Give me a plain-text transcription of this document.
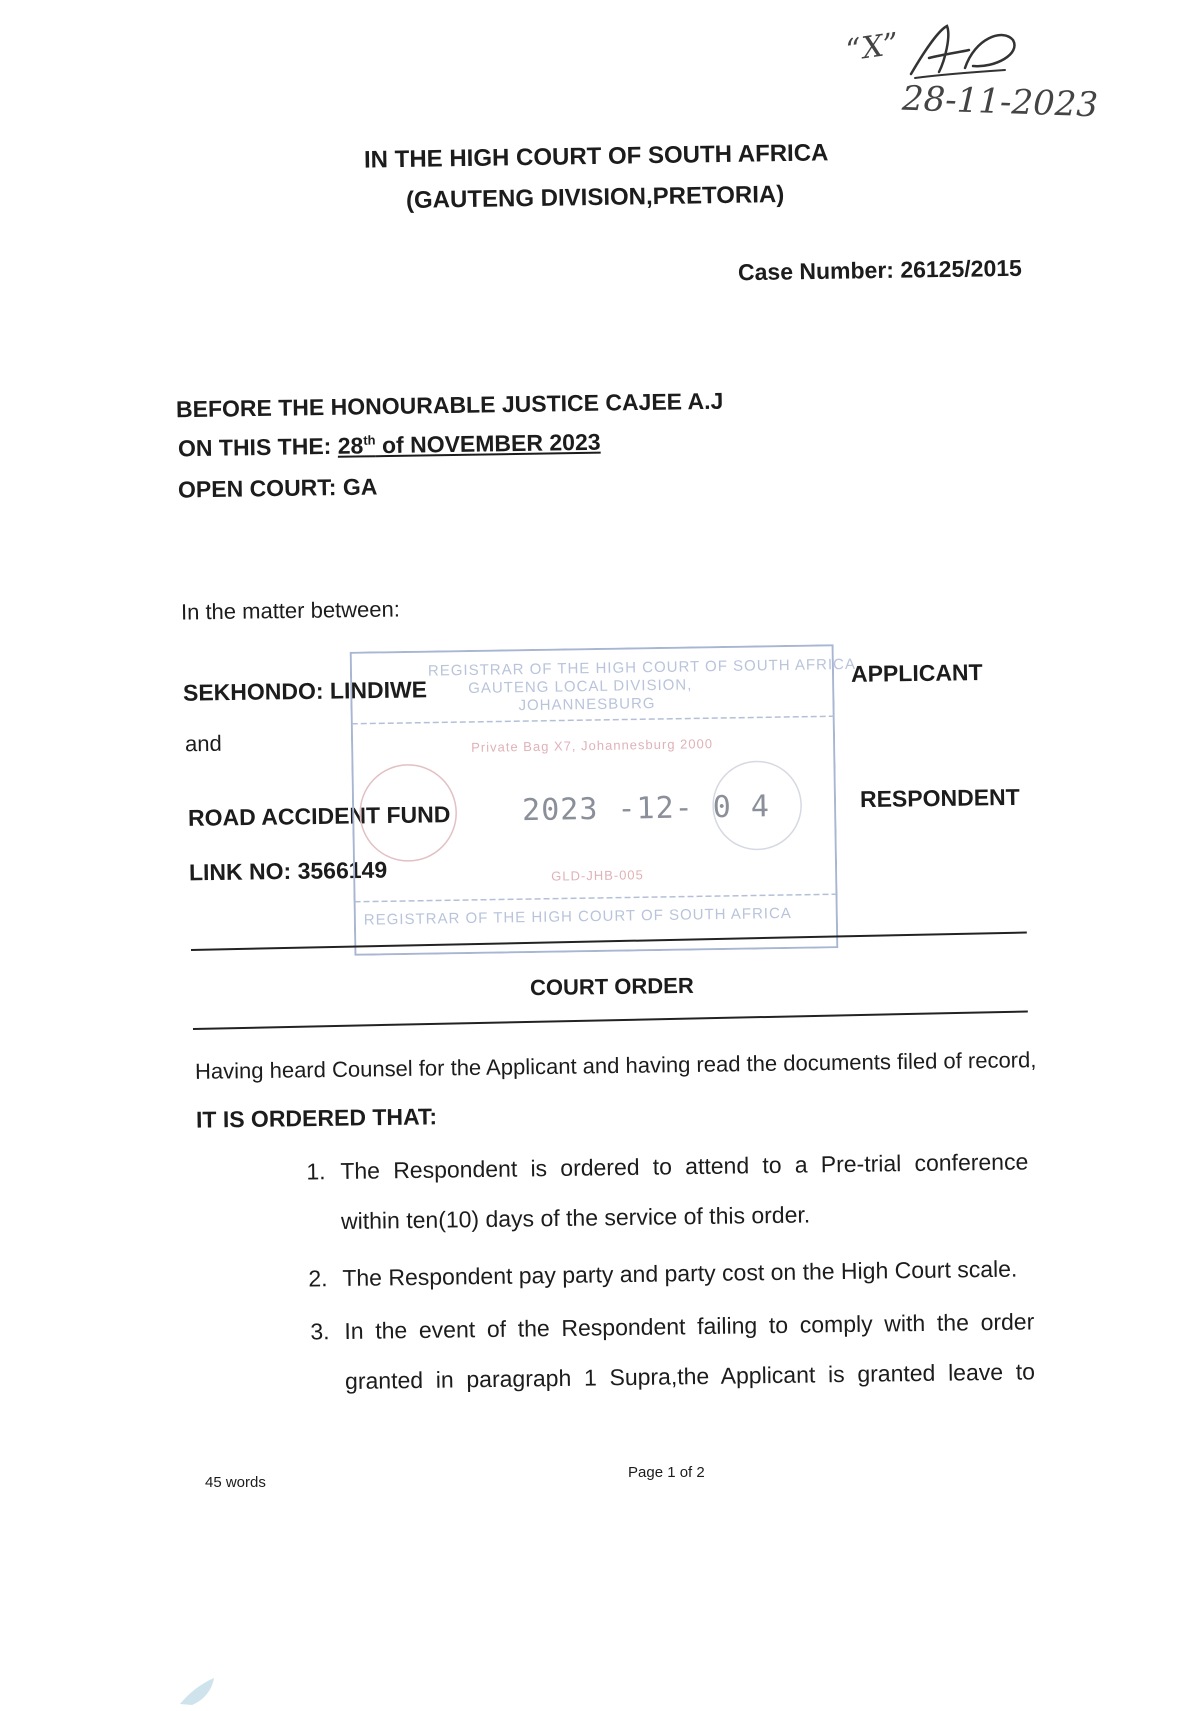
“X”
28-11-2023
IN THE HIGH COURT OF SOUTH AFRICA
(GAUTENG DIVISION,PRETORIA)
Case Number: 26125/2015
BEFORE THE HONOURABLE JUSTICE CAJEE A.J
ON THIS THE: 28th of NOVEMBER 2023
OPEN COURT: GA
In the matter between:
SEKHONDO: LINDIWE
APPLICANT
and
ROAD ACCIDENT FUND
RESPONDENT
LINK NO: 3566149
REGISTRAR OF THE HIGH COURT OF SOUTH AFRICA
GAUTENG LOCAL DIVISION,
JOHANNESBURG
Private Bag X7, Johannesburg 2000
2023 -12- 0 4
GLD-JHB-005
REGISTRAR OF THE HIGH COURT OF SOUTH AFRICA
COURT ORDER
Having heard Counsel for the Applicant and having read the documents filed of record,
IT IS ORDERED THAT:
1. The Respondent is ordered to attend to a Pre-trial conference
within ten(10) days of the service of this order.
2. The Respondent pay party and party cost on the High Court scale.
3. In the event of the Respondent failing to comply with the order
granted in paragraph 1 Supra,the Applicant is granted leave to
45 words
Page 1 of 2
